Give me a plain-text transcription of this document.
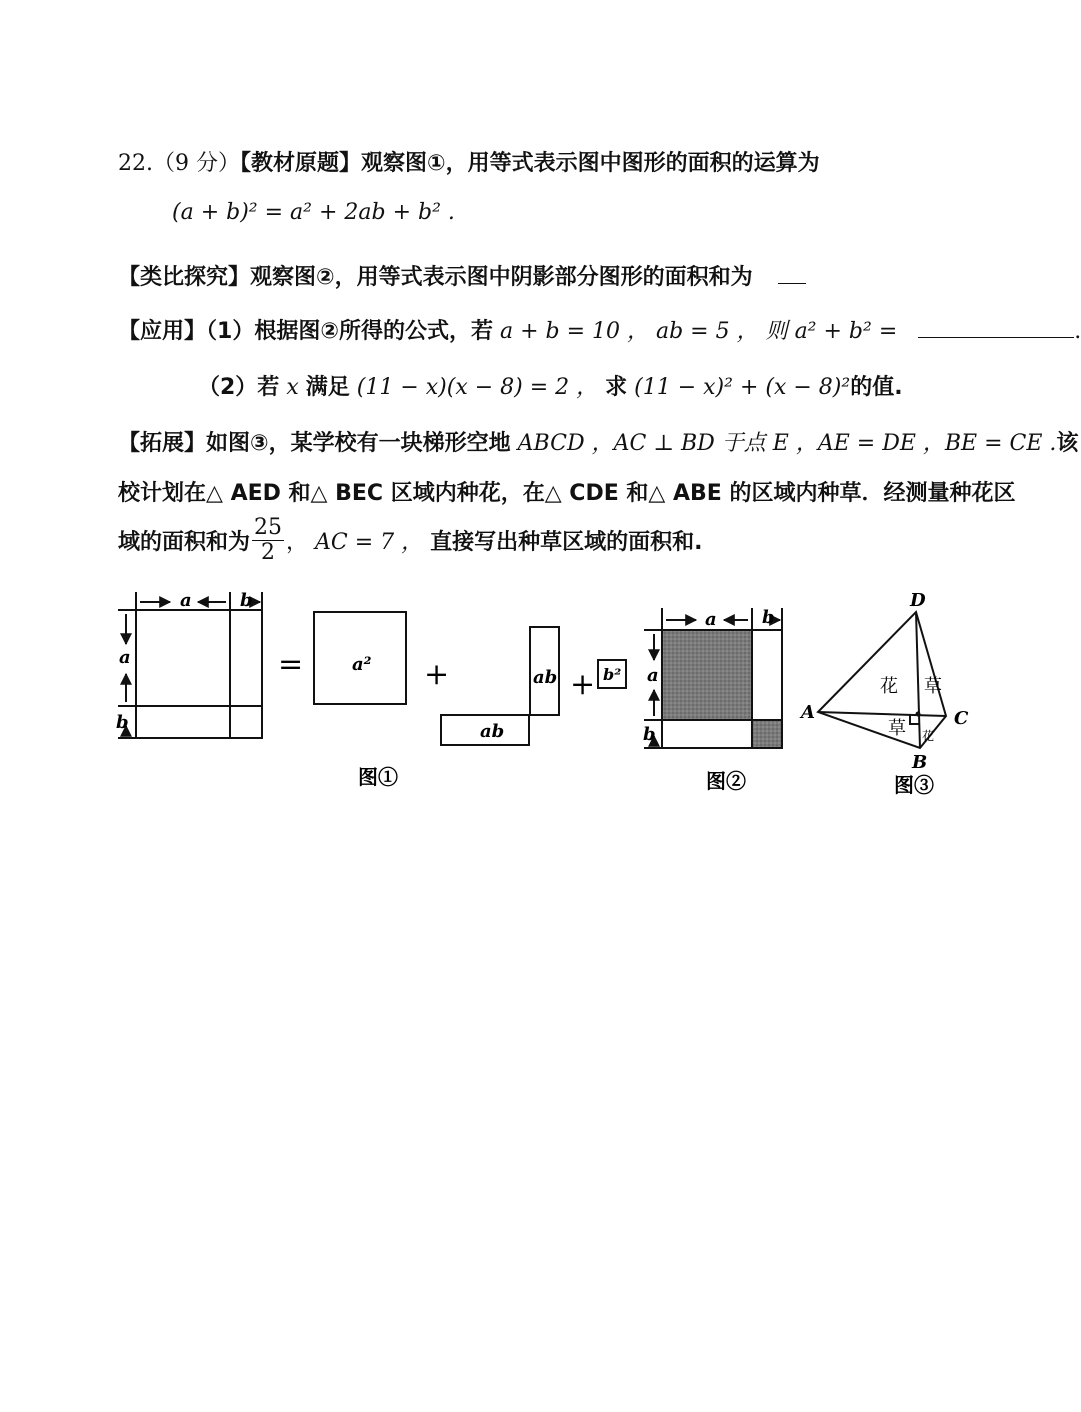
22.（9 分）【教材原题】观察图①，用等式表示图中图形的面积的运算为
(a + b)² = a² + 2ab + b² .
【类比探究】观察图②，用等式表示图中阴影部分图形的面积和为
【应用】（1）根据图②所得的公式，若 a + b = 10 ， ab = 5 ， 则 a² + b² =	.
（2）若 x 满足 (11 − x)(x − 8) = 2 ， 求 (11 − x)² + (x − 8)²的值.
【拓展】如图③，某学校有一块梯形空地 ABCD ，AC ⊥ BD 于点 E ，AE = DE ，BE = CE .该
校计划在△ AED 和△ BEC 区域内种花，在△ CDE 和△ ABE 的区域内种草．经测量种花区
域的面积和为 $\frac{25}{2}$ ， AC = 7 ， 直接写出种草区域的面积和.
a	b
a
b
=	a² +	ab
ab
+ b²
图①
a	b
a
b
图②
D
A	C
B
花 草
草 花
图③
